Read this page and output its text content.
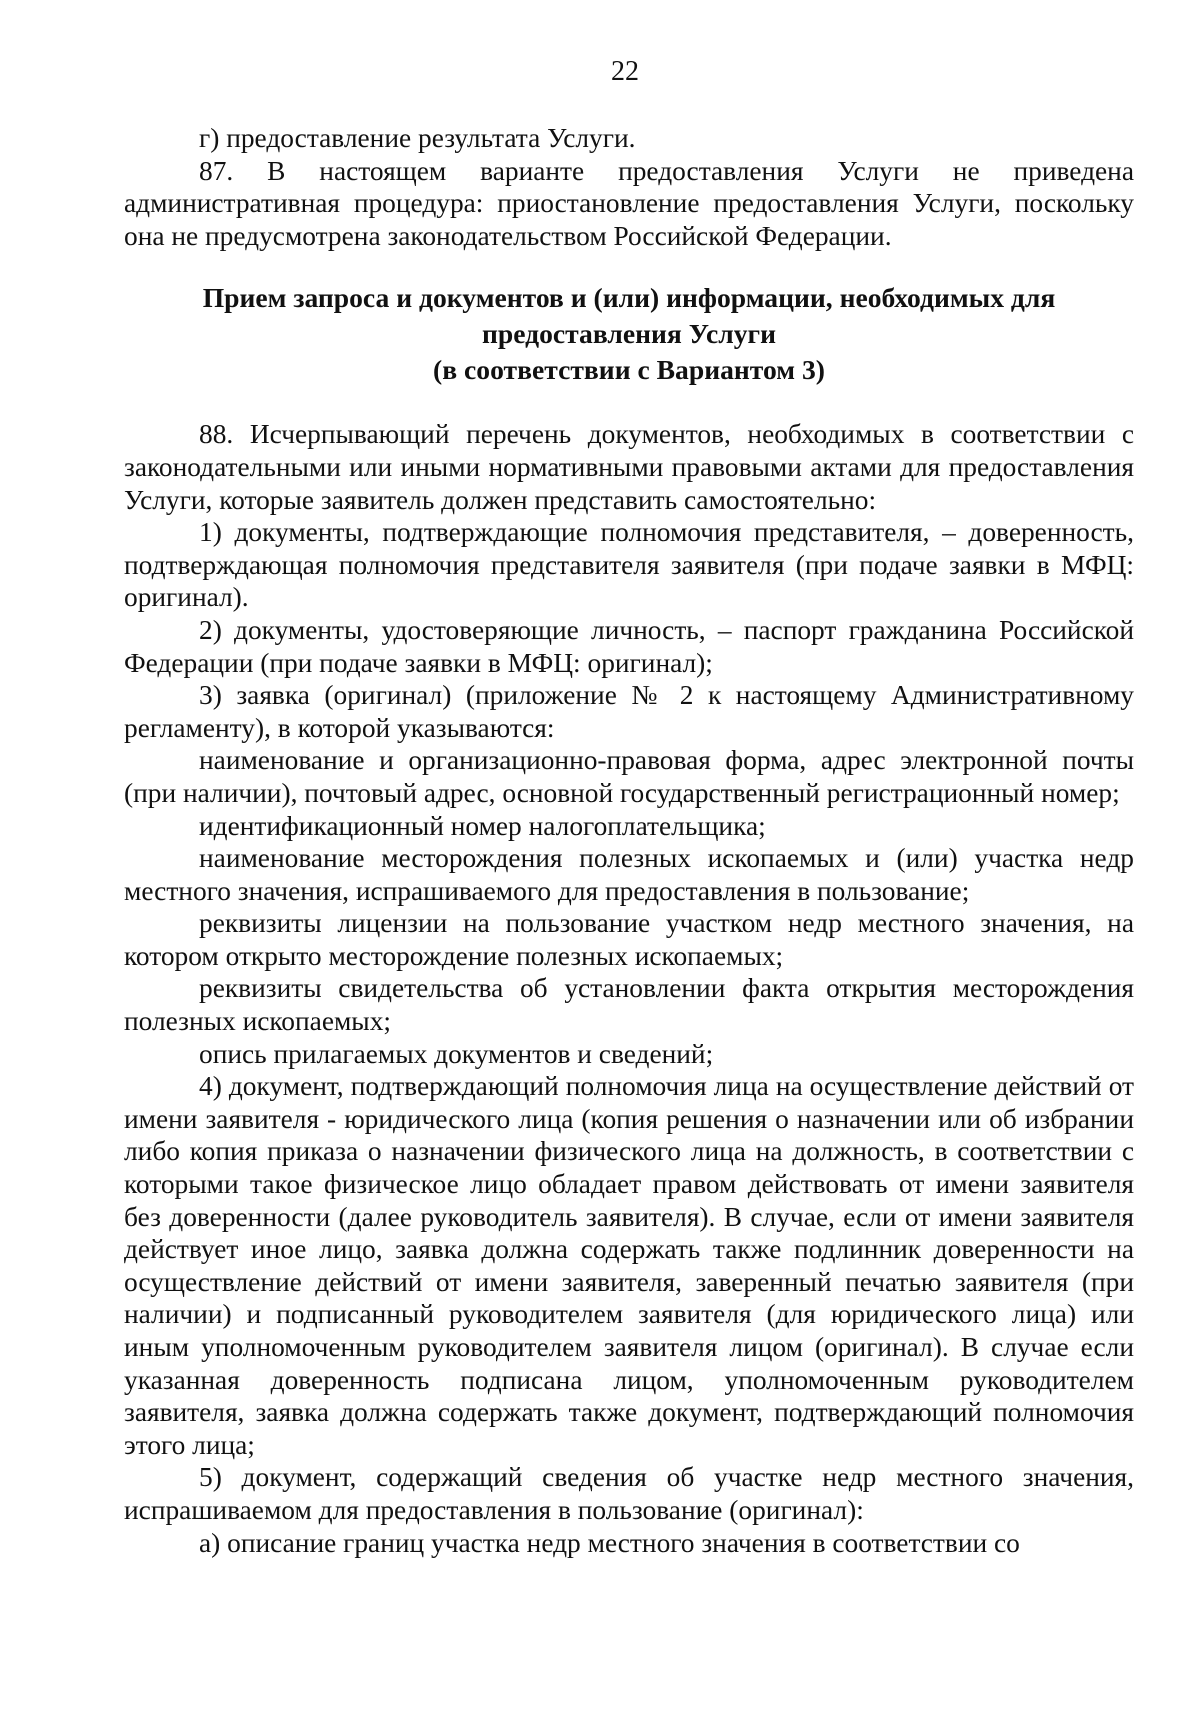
22

г) предоставление результата Услуги.

87. В настоящем варианте предоставления Услуги не приведена административная процедура: приостановление предоставления Услуги, поскольку она не предусмотрена законодательством Российской Федерации.

Прием запроса и документов и (или) информации, необходимых для
предоставления Услуги
(в соответствии с Вариантом 3)

88. Исчерпывающий перечень документов, необходимых в соответствии с законодательными или иными нормативными правовыми актами для предоставления Услуги, которые заявитель должен представить самостоятельно:

1) документы, подтверждающие полномочия представителя, – доверенность, подтверждающая полномочия представителя заявителя (при подаче заявки в МФЦ: оригинал).

2) документы, удостоверяющие личность, – паспорт гражданина Российской Федерации (при подаче заявки в МФЦ: оригинал);

3) заявка (оригинал) (приложение № 2 к настоящему Административному регламенту), в которой указываются:

наименование и организационно-правовая форма, адрес электронной почты (при наличии), почтовый адрес, основной государственный регистрационный номер;

идентификационный номер налогоплательщика;

наименование месторождения полезных ископаемых и (или) участка недр местного значения, испрашиваемого для предоставления в пользование;

реквизиты лицензии на пользование участком недр местного значения, на котором открыто месторождение полезных ископаемых;

реквизиты свидетельства об установлении факта открытия месторождения полезных ископаемых;

опись прилагаемых документов и сведений;

4) документ, подтверждающий полномочия лица на осуществление действий от имени заявителя - юридического лица (копия решения о назначении или об избрании либо копия приказа о назначении физического лица на должность, в соответствии с которыми такое физическое лицо обладает правом действовать от имени заявителя без доверенности (далее руководитель заявителя). В случае, если от имени заявителя действует иное лицо, заявка должна содержать также подлинник доверенности на осуществление действий от имени заявителя, заверенный печатью заявителя (при наличии) и подписанный руководителем заявителя (для юридического лица) или иным уполномоченным руководителем заявителя лицом (оригинал). В случае если указанная доверенность подписана лицом, уполномоченным руководителем заявителя, заявка должна содержать также документ, подтверждающий полномочия этого лица;

5) документ, содержащий сведения об участке недр местного значения, испрашиваемом для предоставления в пользование (оригинал):

а) описание границ участка недр местного значения в соответствии со
